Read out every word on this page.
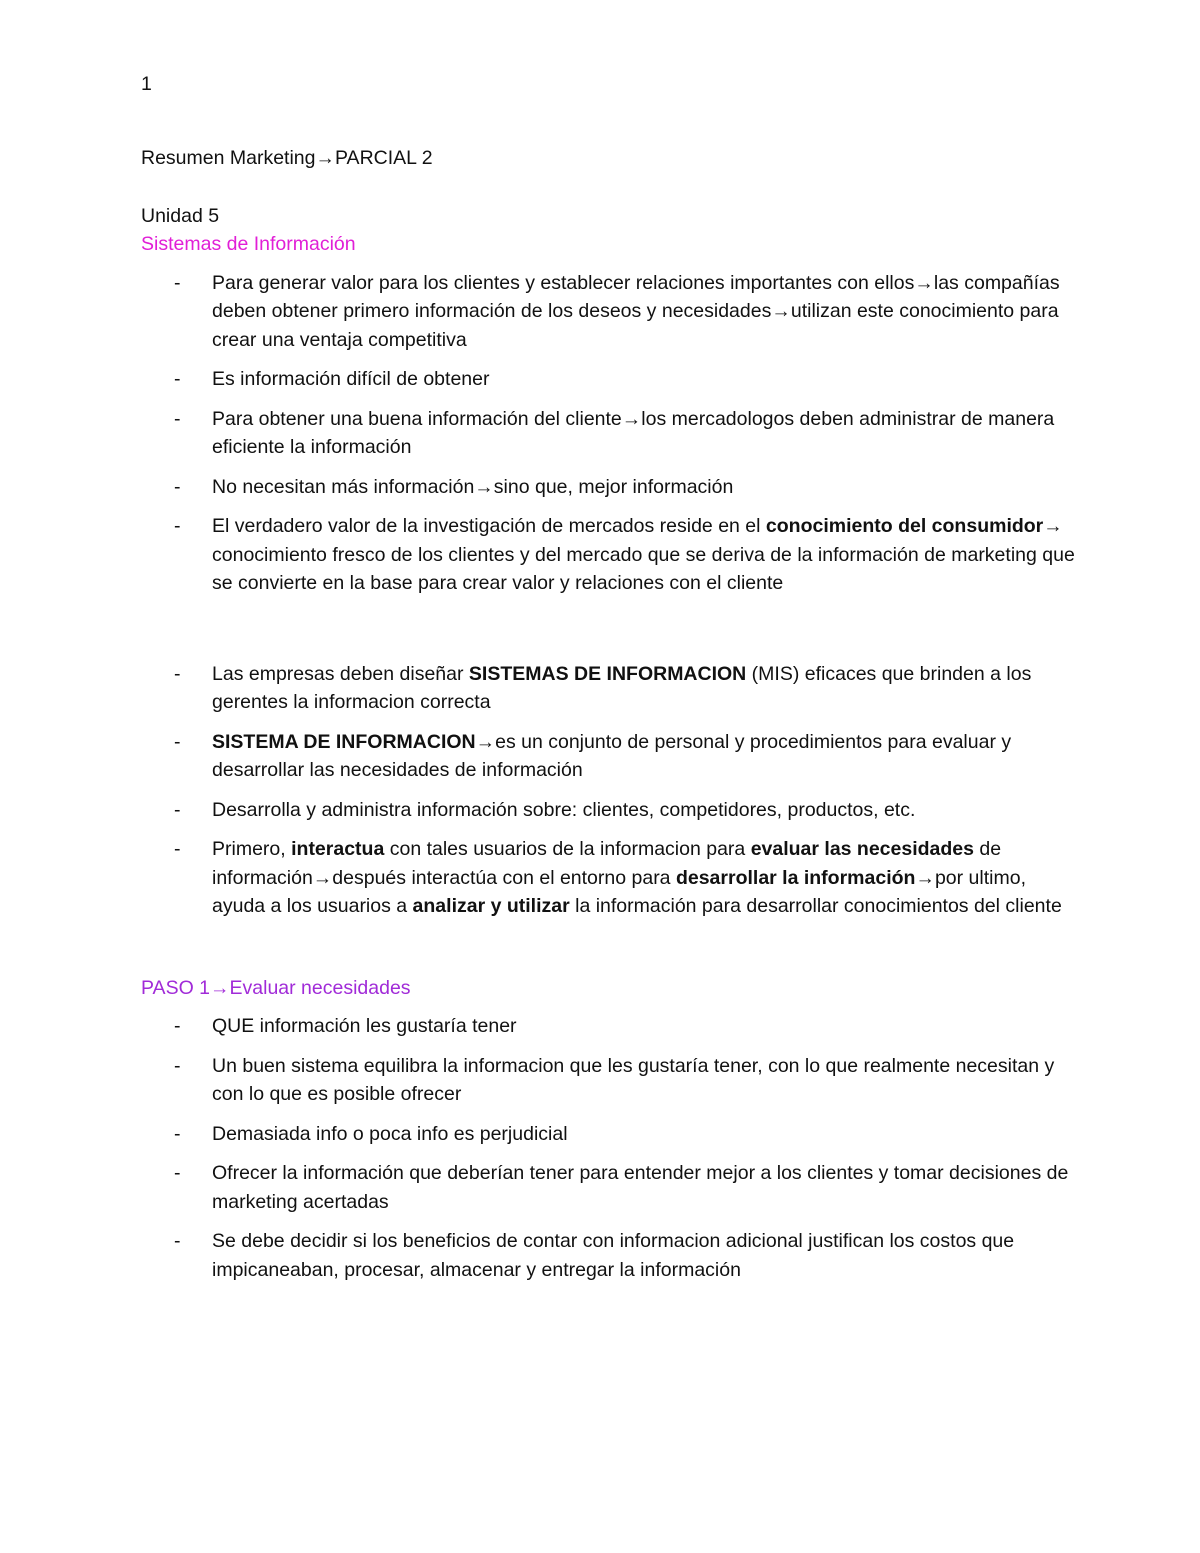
1
Resumen Marketing→PARCIAL 2
Unidad 5
Sistemas de Información
- Para generar valor para los clientes y establecer relaciones importantes con ellos→las compañías deben obtener primero información de los deseos y necesidades→utilizan este conocimiento para crear una ventaja competitiva
- Es información difícil de obtener
- Para obtener una buena información del cliente→los mercadologos deben administrar de manera eficiente la información
- No necesitan más información→sino que, mejor información
- El verdadero valor de la investigación de mercados reside en el conocimiento del consumidor→ conocimiento fresco de los clientes y del mercado que se deriva de la información de marketing que se convierte en la base para crear valor y relaciones con el cliente
- Las empresas deben diseñar SISTEMAS DE INFORMACION (MIS) eficaces que brinden a los gerentes la informacion correcta
- SISTEMA DE INFORMACION→es un conjunto de personal y procedimientos para evaluar y desarrollar las necesidades de información
- Desarrolla y administra información sobre: clientes, competidores, productos, etc.
- Primero, interactua con tales usuarios de la informacion para evaluar las necesidades de información→después interactúa con el entorno para desarrollar la información→por ultimo, ayuda a los usuarios a analizar y utilizar la información para desarrollar conocimientos del cliente
PASO 1→Evaluar necesidades
- QUE información les gustaría tener
- Un buen sistema equilibra la informacion que les gustaría tener, con lo que realmente necesitan y con lo que es posible ofrecer
- Demasiada info o poca info es perjudicial
- Ofrecer la información que deberían tener para entender mejor a los clientes y tomar decisiones de marketing acertadas
- Se debe decidir si los beneficios de contar con informacion adicional justifican los costos que impicaneaban, procesar, almacenar y entregar la información
